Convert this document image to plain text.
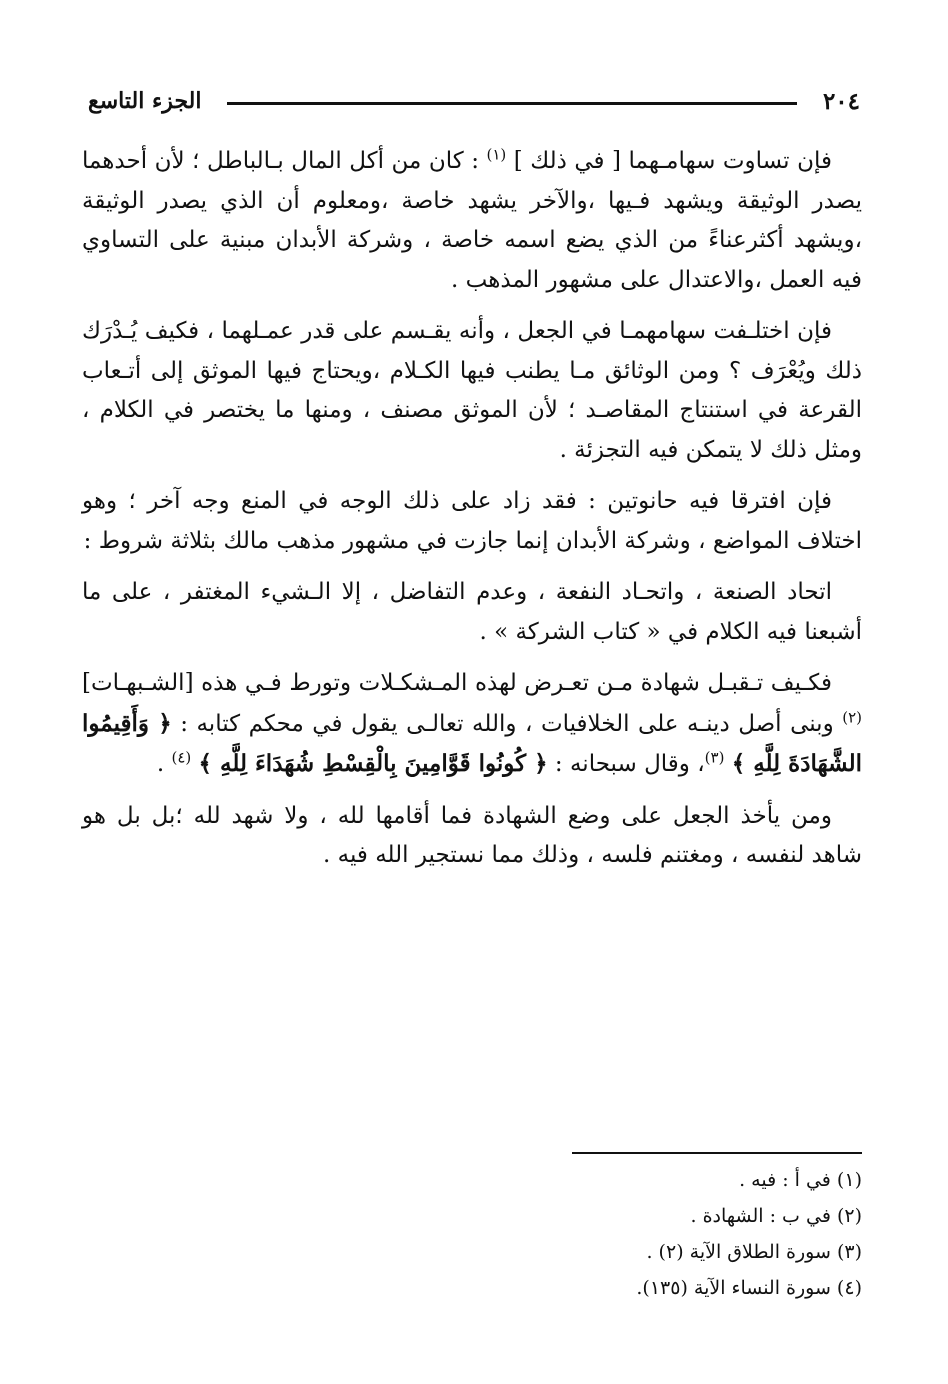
٢٠٤
الجزء التاسع

فإن تساوت سهامـهما [ في ذلك ] $^{(١)}$ : كان من أكل المال بـالباطل ؛ لأن أحدهما يصدر الوثيقة ويشهد فـيها ،والآخر يشهد خاصة ،ومعلوم أن الذي يصدر الوثيقة ،ويشهد أكثرعناءً من الذي يضع اسمه خاصة ، وشركة الأبدان مبنية على التساوي فيه العمل ،والاعتدال على مشهور المذهب .

فإن اختلـفت سهامهمـا في الجعل ، وأنه يقـسم على قدر عمـلهما ، فكيف يُـدْرَك ذلك ويُعْرَف ؟ ومن الوثائق مـا يطنب فيها الكـلام ،ويحتاج فيها الموثق إلى أتـعاب القرعة في استنتاج المقاصـد ؛ لأن الموثق مصنف ، ومنها ما يختصر في الكلام ، ومثل ذلك لا يتمكن فيه التجزئة .

فإن افترقا فيه حانوتين : فقد زاد على ذلك الوجه في المنع وجه آخر ؛ وهو اختلاف المواضع ، وشركة الأبدان إنما جازت في مشهور مذهب مالك بثلاثة شروط :

اتحاد الصنعة ، واتحـاد النفعة ، وعدم التفاضل ، إلا الـشيء المغتفر ، على ما أشبعنا فيه الكلام في « كتاب الشركة » .

فكـيف تـقبـل شهادة مـن تعـرض لهذه المـشكـلات وتورط فـي هذه [الشـبهـات] $^{(٢)}$ وبنى أصل دينـه على الخلافيات ، والله تعالـى يقول في محكم كتابه : ﴿ وَأَقِيمُوا الشَّهَادَةَ لِلَّهِ ﴾ $^{(٣)}$، وقال سبحانه : ﴿ كُونُوا قَوَّامِينَ بِالْقِسْطِ شُهَدَاءَ لِلَّهِ ﴾ $^{(٤)}$ .

ومن يأخذ الجعل على وضع الشهادة فما أقامها لله ، ولا شهد لله ؛بل بل هو شاهد لنفسه ، ومغتنم فلسه ، وذلك مما نستجير الله فيه .

(١) في أ : فيه .
(٢) في ب : الشهادة .
(٣) سورة الطلاق الآية (٢) .
(٤) سورة النساء الآية (١٣٥).
